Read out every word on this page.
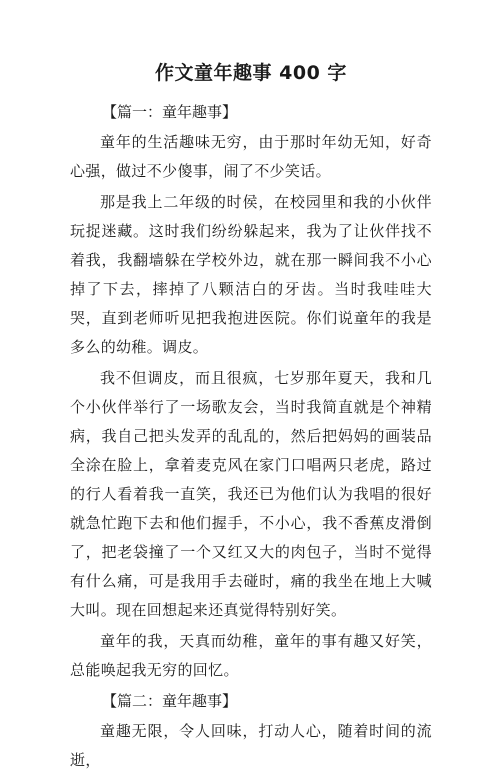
作文童年趣事 400 字
【篇一：童年趣事】

童年的生活趣味无穷，由于那时年幼无知，好奇心强，做过不少傻事，闹了不少笑话。

那是我上二年级的时侯，在校园里和我的小伙伴玩捉迷藏。这时我们纷纷躲起来，我为了让伙伴找不着我，我翻墙躲在学校外边，就在那一瞬间我不小心掉了下去，摔掉了八颗洁白的牙齿。当时我哇哇大哭，直到老师听见把我抱进医院。你们说童年的我是多么的幼稚。调皮。

我不但调皮，而且很疯，七岁那年夏天，我和几个小伙伴举行了一场歌友会，当时我简直就是个神精病，我自己把头发弄的乱乱的，然后把妈妈的画装品全涂在脸上，拿着麦克风在家门口唱两只老虎，路过的行人看着我一直笑，我还已为他们认为我唱的很好就急忙跑下去和他们握手，不小心，我不香蕉皮滑倒了，把老袋撞了一个又红又大的肉包子，当时不觉得有什么痛，可是我用手去碰时，痛的我坐在地上大喊大叫。现在回想起来还真觉得特别好笑。

童年的我，天真而幼稚，童年的事有趣又好笑，总能唤起我无穷的回忆。

【篇二：童年趣事】

童趣无限，令人回味，打动人心，随着时间的流逝，
